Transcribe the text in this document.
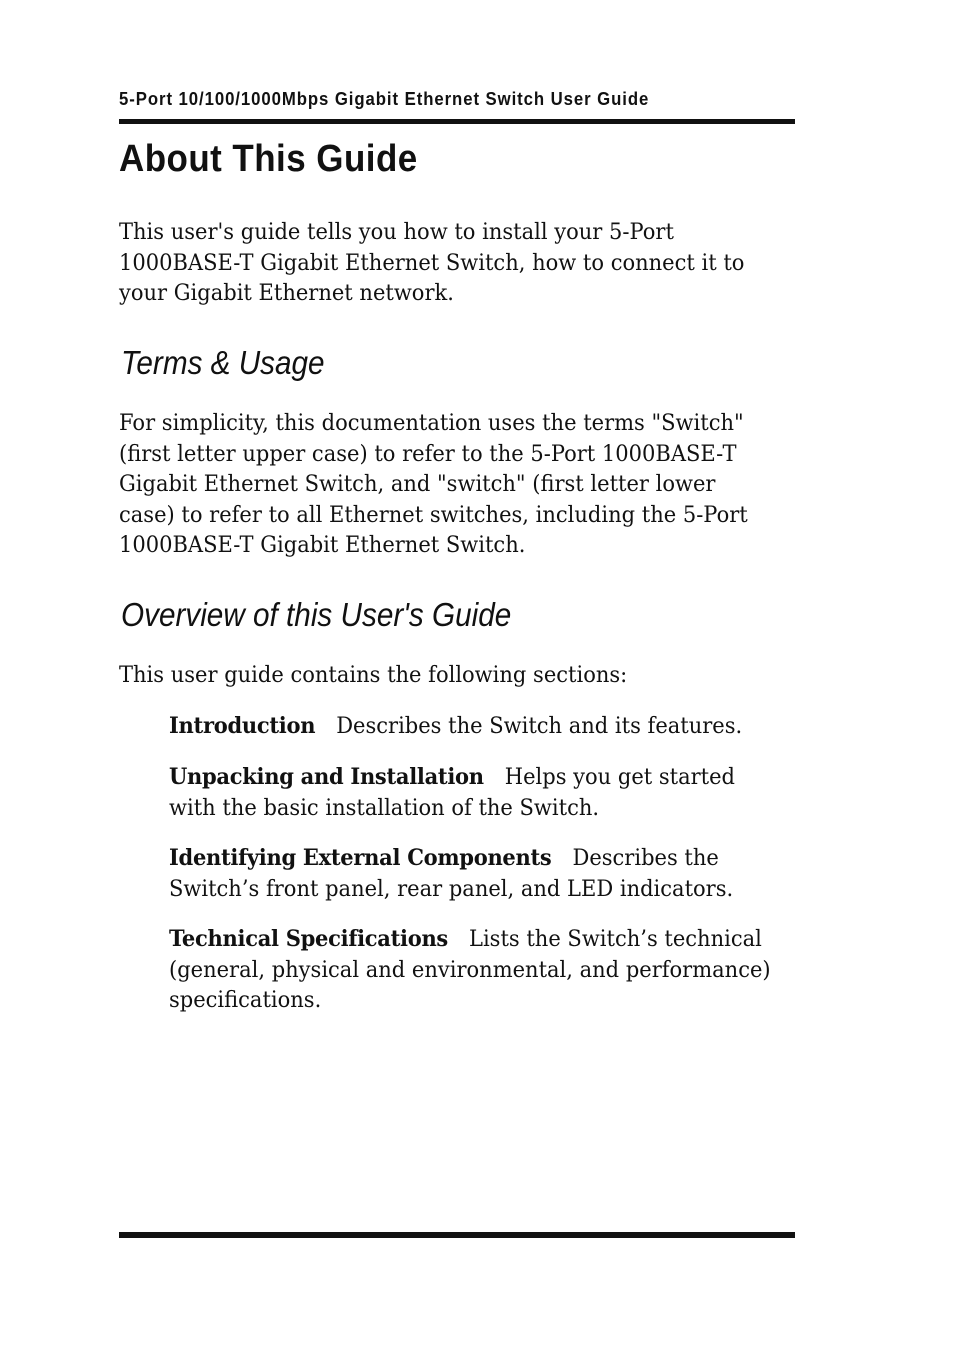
5-Port 10/100/1000Mbps Gigabit Ethernet Switch User Guide
About This Guide

This user's guide tells you how to install your 5-Port 1000BASE-T Gigabit Ethernet Switch, how to connect it to your Gigabit Ethernet network.

Terms & Usage

For simplicity, this documentation uses the terms "Switch" (first letter upper case) to refer to the 5-Port 1000BASE-T Gigabit Ethernet Switch, and "switch" (first letter lower case) to refer to all Ethernet switches, including the 5-Port 1000BASE-T Gigabit Ethernet Switch.

Overview of this User's Guide

This user guide contains the following sections:

Introduction Describes the Switch and its features.
Unpacking and Installation Helps you get started with the basic installation of the Switch.
Identifying External Components Describes the Switch’s front panel, rear panel, and LED indicators.
Technical Specifications Lists the Switch’s technical (general, physical and environmental, and performance) specifications.
